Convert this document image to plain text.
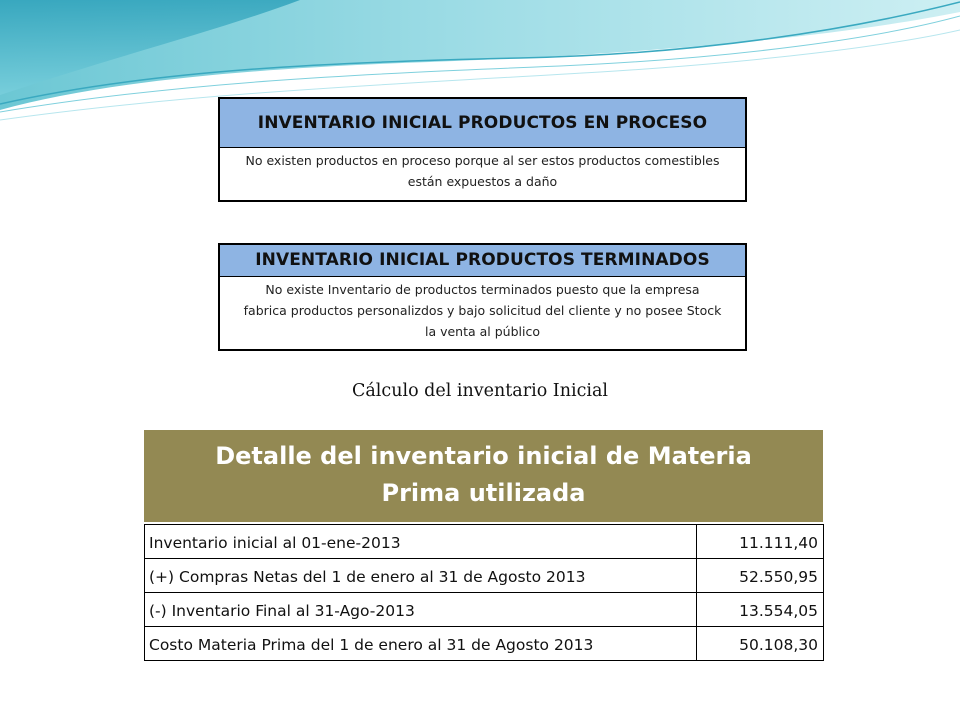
INVENTARIO INICIAL PRODUCTOS EN PROCESO
No existen productos en proceso porque al ser estos productos comestibles
están expuestos a daño
INVENTARIO INICIAL PRODUCTOS TERMINADOS
No existe Inventario de productos terminados puesto que la empresa
fabrica productos personalizdos y bajo solicitud del cliente y no posee Stock
la venta al público
Cálculo del inventario Inicial
Detalle del inventario inicial de Materia
Prima utilizada
Inventario inicial al 01-ene-2013	11.111,40
(+) Compras Netas del 1 de enero al 31 de Agosto 2013	52.550,95
(-) Inventario Final al 31-Ago-2013	13.554,05
Costo Materia Prima del 1 de enero al 31 de Agosto 2013	50.108,30
